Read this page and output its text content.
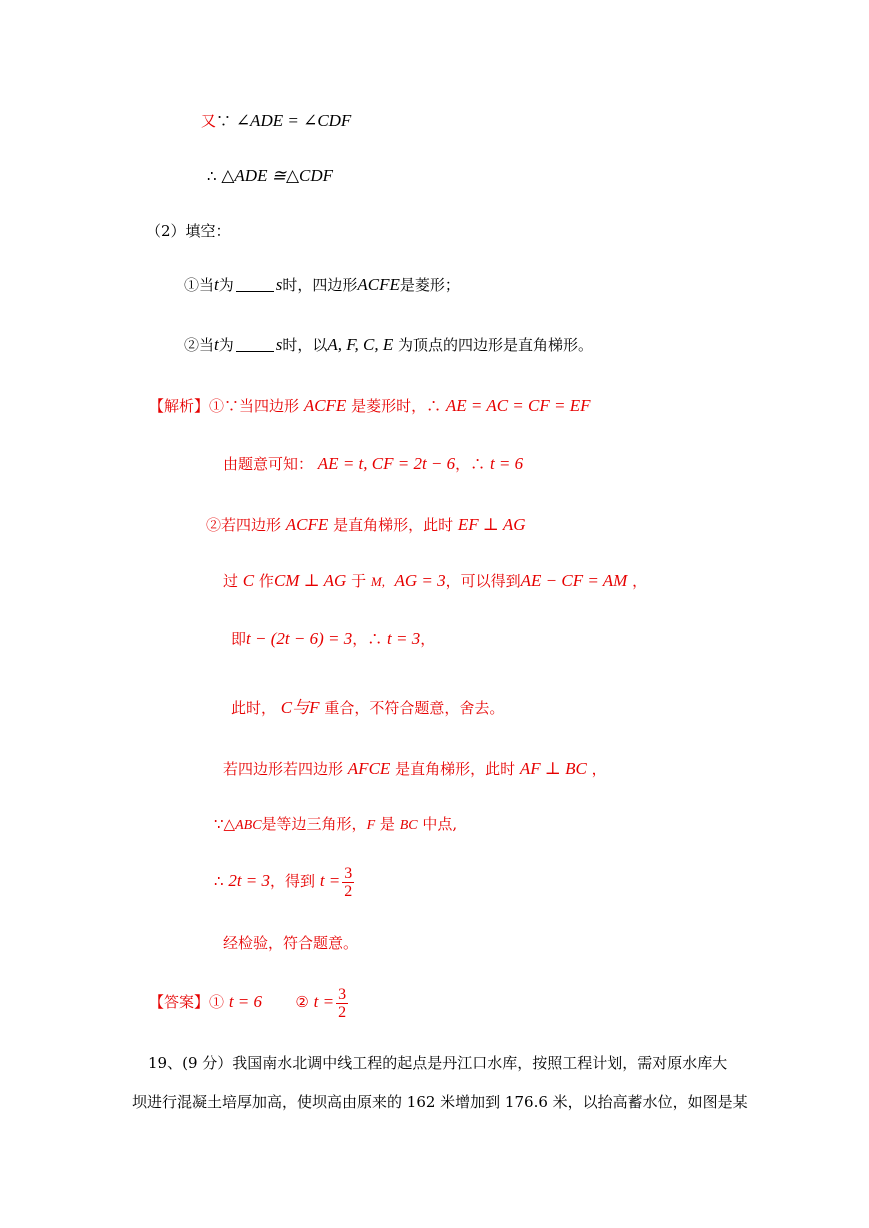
又∵ ∠ADE = ∠CDF
∴ △ADE ≅△CDF
（2）填空：
①当t为 s时，四边形ACFE是菱形；
②当t为 s时，以A, F, C, E 为顶点的四边形是直角梯形。
【解析】①∵当四边形 ACFE 是菱形时，∴ AE = AC = CF = EF
由题意可知： AE = t, CF = 2t − 6，∴ t = 6
②若四边形 ACFE 是直角梯形，此时 EF ⊥ AG
过 C 作CM ⊥ AG 于 M, AG = 3，可以得到AE − CF = AM ，
即t − (2t − 6) = 3，∴ t = 3，
此时， C与F 重合，不符合题意，舍去。
若四边形若四边形 AFCE 是直角梯形，此时 AF ⊥ BC ，
∵△ABC是等边三角形，F 是 BC 中点,
∴ 2t = 3，得到 $t = \frac{3}{2}$
经检验，符合题意。
【答案】① t = 6 ② $t = \frac{3}{2}$
19、(9 分）我国南水北调中线工程的起点是丹江口水库，按照工程计划，需对原水库大
坝进行混凝土培厚加高，使坝高由原来的 162 米增加到 176.6 米，以抬高蓄水位，如图是某
